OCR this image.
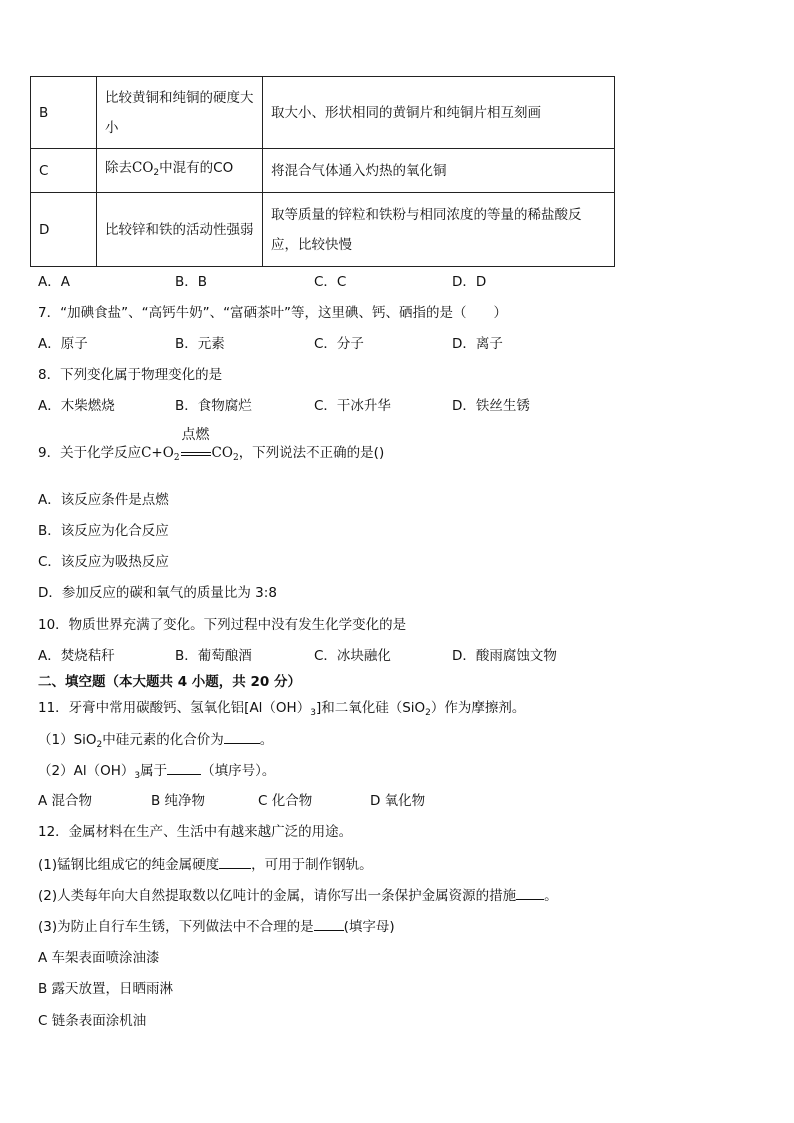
B	比较黄铜和纯铜的硬度大小	取大小、形状相同的黄铜片和纯铜片相互刻画
C	除去$CO_2$中混有的CO	将混合气体通入灼热的氧化铜
D	比较锌和铁的活动性强弱	取等质量的锌粒和铁粉与相同浓度的等量的稀盐酸反应，比较快慢
A．A	B．B	C．C	D．D
7．“加碘食盐”、“高钙牛奶”、“富硒茶叶”等，这里碘、钙、硒指的是（　　）
A．原子	B．元素	C．分子	D．离子
8．下列变化属于物理变化的是
A．木柴燃烧	B．食物腐烂	C．干冰升华	D．铁丝生锈
9．关于化学反应$C+O_2$
点燃
$CO_2$，下列说法不正确的是()
A．该反应条件是点燃
B．该反应为化合反应
C．该反应为吸热反应
D．参加反应的碳和氧气的质量比为 3:8
10．物质世界充满了变化。下列过程中没有发生化学变化的是
A．焚烧秸秆	B．葡萄酿酒	C．冰块融化	D．酸雨腐蚀文物
二、填空题（本大题共 4 小题，共 20 分）
11．牙膏中常用碳酸钙、氢氧化铝$[Al(OH)_3]$和二氧化硅（SiO$_2$）作为摩擦剂。
（1）SiO$_2$中硅元素的化合价为	。
$(2)Al(OH)_3$属于	（填序号）。
A 混合物	B 纯净物	C 化合物	D 氧化物
12．金属材料在生产、生活中有越来越广泛的用途。
(1)锰钢比组成它的纯金属硬度 ，可用于制作钢轨。
(2)人类每年向大自然提取数以亿吨计的金属，请你写出一条保护金属资源的措施 。
(3)为防止自行车生锈，下列做法中不合理的是 (填字母)
A 车架表面喷涂油漆
B 露天放置，日晒雨淋
C 链条表面涂机油
